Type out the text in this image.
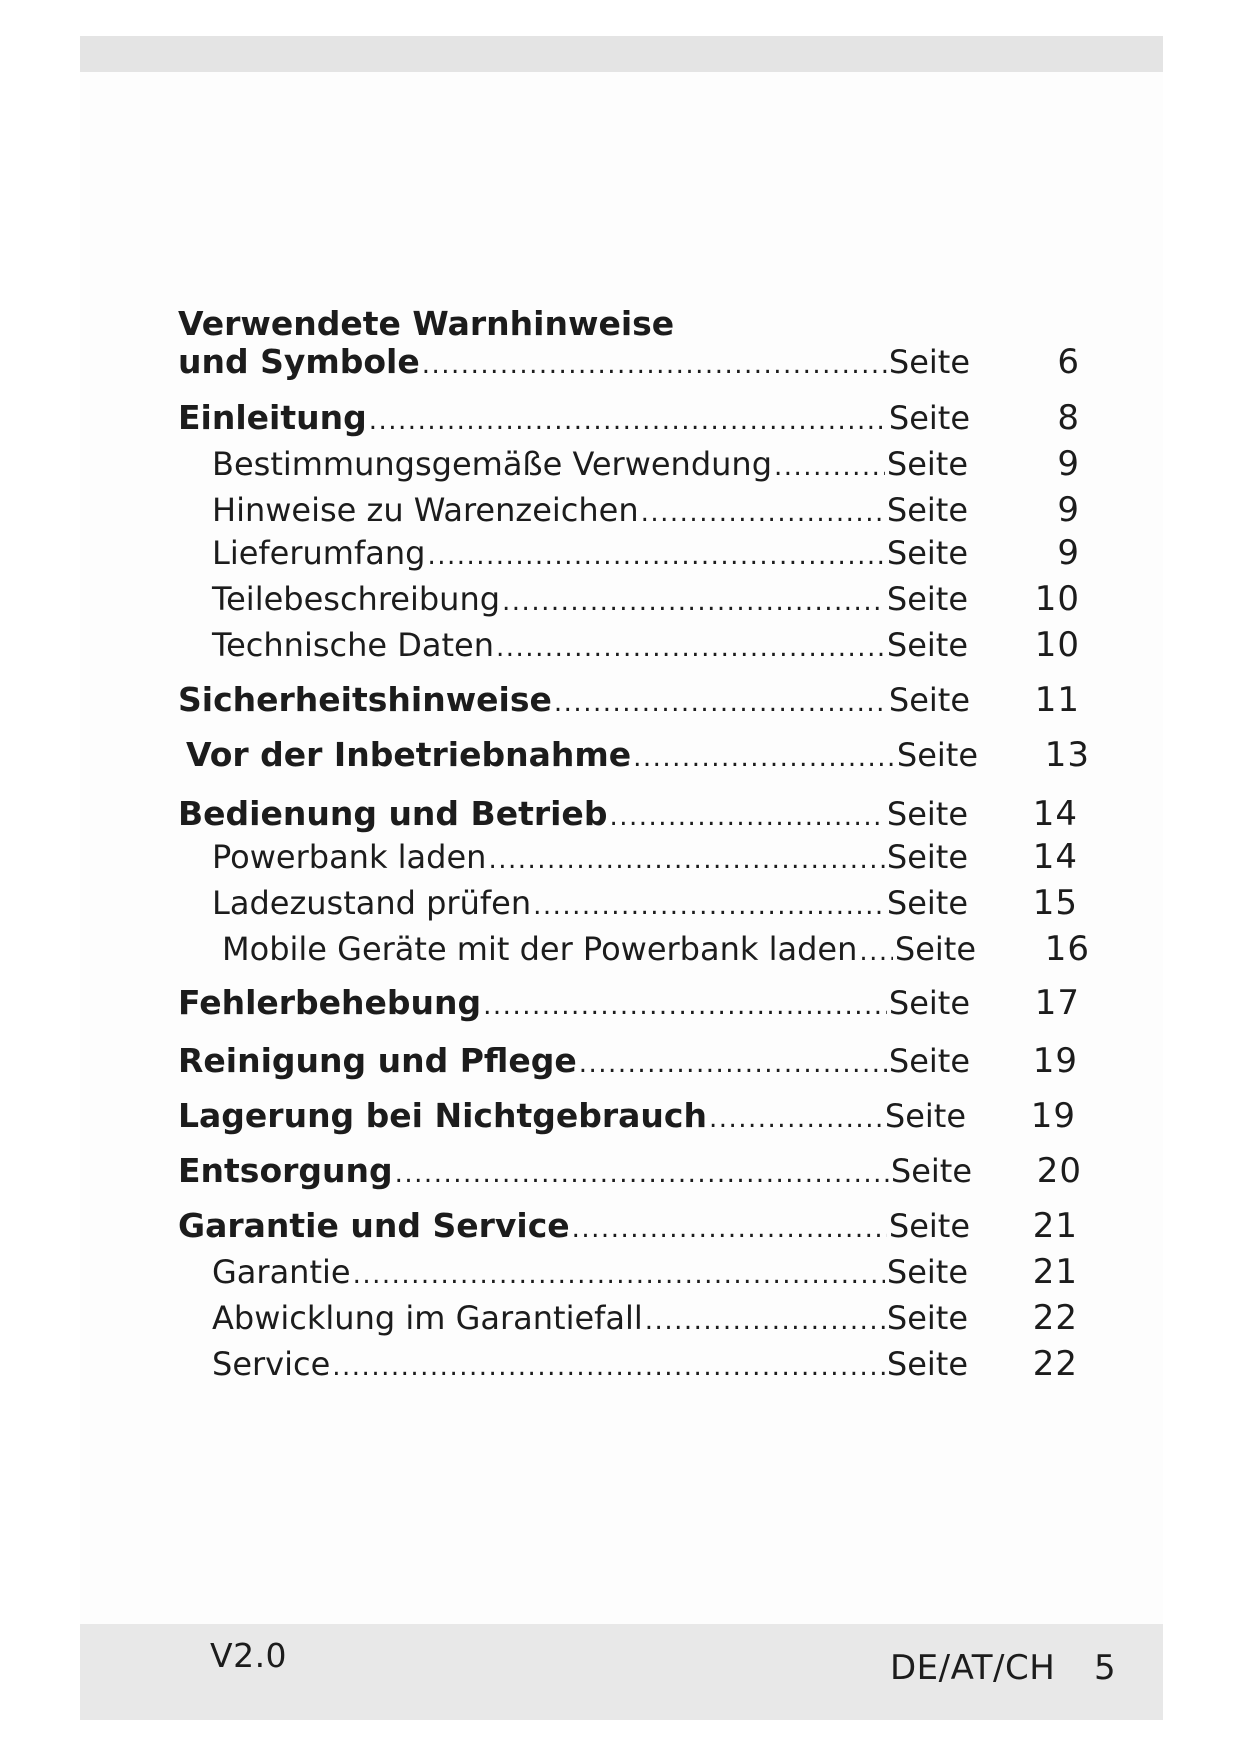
Verwendete Warnhinweise
und Symbole .....	Seite	6
Einleitung .....	Seite	8
Bestimmungsgemäße Verwendung .....	Seite	9
Hinweise zu Warenzeichen .....	Seite	9
Lieferumfang .....	Seite	9
Teilebeschreibung .....	Seite	10
Technische Daten .....	Seite	10
Sicherheitshinweise .....	Seite	11
Vor der Inbetriebnahme .....	Seite	13
Bedienung und Betrieb .....	Seite	14
Powerbank laden .....	Seite	14
Ladezustand prüfen .....	Seite	15
Mobile Geräte mit der Powerbank laden ..... Seite	16
Fehlerbehebung .....	Seite	17
Reinigung und Pflege .....	Seite	19
Lagerung bei Nichtgebrauch .....	Seite	19
Entsorgung .....	Seite	20
Garantie und Service .....	Seite	21
Garantie .....	Seite	21
Abwicklung im Garantiefall .....	Seite	22
Service .....	Seite	22
V2.0	DE/AT/CH 5
